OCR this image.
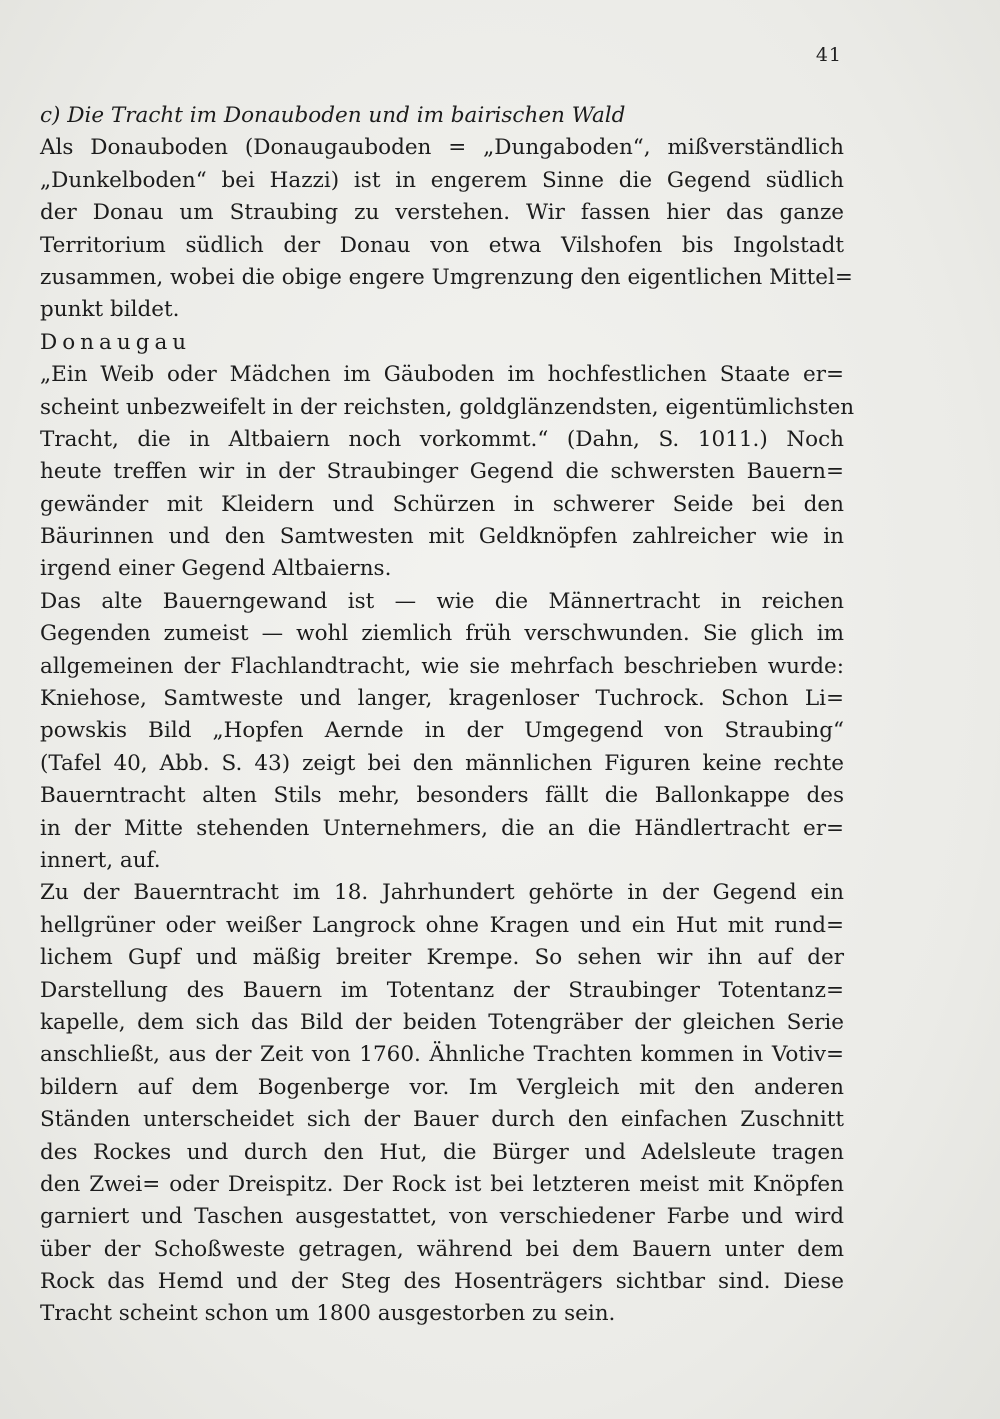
41
c) Die Tracht im Donauboden und im bairischen Wald
Als Donauboden (Donaugauboden = „Dungaboden“, mißverständlich
„Dunkelboden“ bei Hazzi) ist in engerem Sinne die Gegend südlich
der Donau um Straubing zu verstehen. Wir fassen hier das ganze
Territorium südlich der Donau von etwa Vilshofen bis Ingolstadt
zusammen, wobei die obige engere Umgrenzung den eigentlichen Mittel=
punkt bildet.
Donaugau
„Ein Weib oder Mädchen im Gäuboden im hochfestlichen Staate er=
scheint unbezweifelt in der reichsten, goldglänzendsten, eigentümlichsten
Tracht, die in Altbaiern noch vorkommt.“ (Dahn, S. 1011.) Noch
heute treffen wir in der Straubinger Gegend die schwersten Bauern=
gewänder mit Kleidern und Schürzen in schwerer Seide bei den
Bäurinnen und den Samtwesten mit Geldknöpfen zahlreicher wie in
irgend einer Gegend Altbaierns.
Das alte Bauerngewand ist — wie die Männertracht in reichen
Gegenden zumeist — wohl ziemlich früh verschwunden. Sie glich im
allgemeinen der Flachlandtracht, wie sie mehrfach beschrieben wurde:
Kniehose, Samtweste und langer, kragenloser Tuchrock. Schon Li=
powskis Bild „Hopfen Aernde in der Umgegend von Straubing“
(Tafel 40, Abb. S. 43) zeigt bei den männlichen Figuren keine rechte
Bauerntracht alten Stils mehr, besonders fällt die Ballonkappe des
in der Mitte stehenden Unternehmers, die an die Händlertracht er=
innert, auf.
Zu der Bauerntracht im 18. Jahrhundert gehörte in der Gegend ein
hellgrüner oder weißer Langrock ohne Kragen und ein Hut mit rund=
lichem Gupf und mäßig breiter Krempe. So sehen wir ihn auf der
Darstellung des Bauern im Totentanz der Straubinger Totentanz=
kapelle, dem sich das Bild der beiden Totengräber der gleichen Serie
anschließt, aus der Zeit von 1760. Ähnliche Trachten kommen in Votiv=
bildern auf dem Bogenberge vor. Im Vergleich mit den anderen
Ständen unterscheidet sich der Bauer durch den einfachen Zuschnitt
des Rockes und durch den Hut, die Bürger und Adelsleute tragen
den Zwei= oder Dreispitz. Der Rock ist bei letzteren meist mit Knöpfen
garniert und Taschen ausgestattet, von verschiedener Farbe und wird
über der Schoßweste getragen, während bei dem Bauern unter dem
Rock das Hemd und der Steg des Hosenträgers sichtbar sind. Diese
Tracht scheint schon um 1800 ausgestorben zu sein.
